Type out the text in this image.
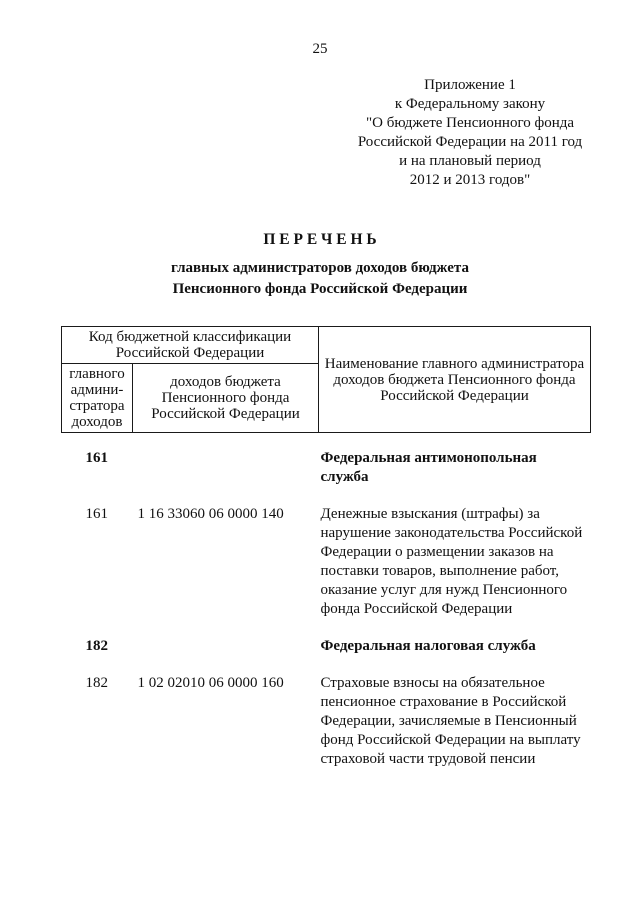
25
Приложение 1
к Федеральному закону
"О бюджете Пенсионного фонда
Российской Федерации на 2011 год
и на плановый период
2012 и 2013 годов"
П Е Р Е Ч Е Н Ь
главных администраторов доходов бюджета
Пенсионного фонда Российской Федерации
Код бюджетной классификации Российской Федерации		Наименование главного администратора доходов бюджета Пенсионного фонда Российской Федерации
главного админи-стратора доходов	доходов бюджета Пенсионного фонда Российской Федерации	
161		Федеральная антимонопольная служба
161	1 16 33060 06 0000 140	Денежные взыскания (штрафы) за нарушение законодательства Российской Федерации о размещении заказов на поставки товаров, выполнение работ, оказание услуг для нужд Пенсионного фонда Российской Федерации
182		Федеральная налоговая служба
182	1 02 02010 06 0000 160	Страховые взносы на обязательное пенсионное страхование в Российской Федерации, зачисляемые в Пенсионный фонд Российской Федерации на выплату страховой части трудовой пенсии
